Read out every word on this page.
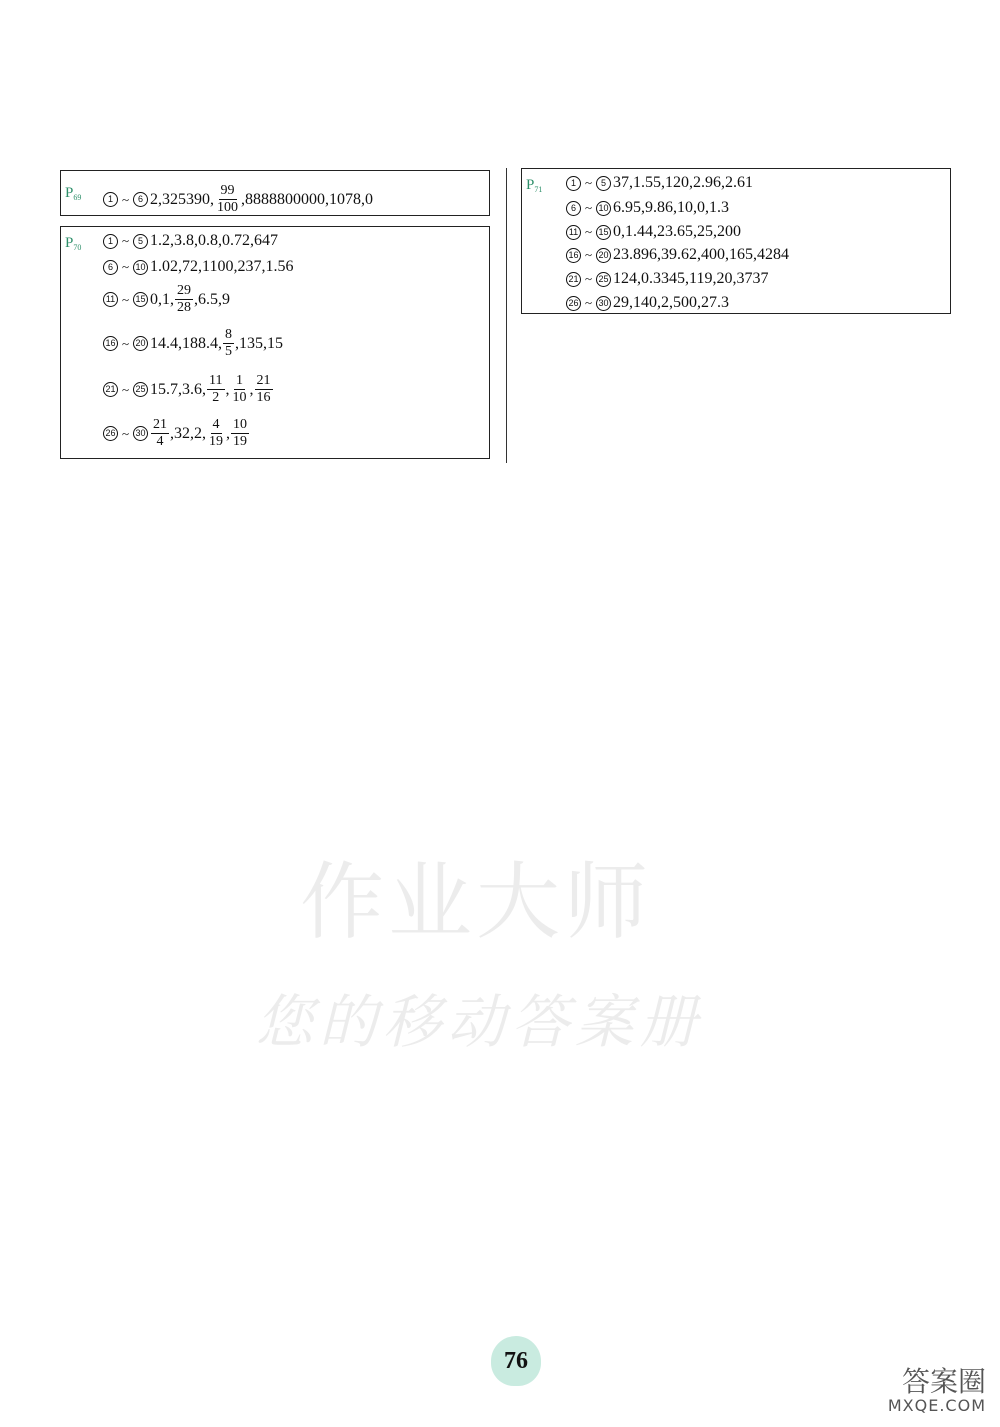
作业大师
您的移动答案册
$P_{69}$	1 ~ 6 2,325390, $\frac{99}{100} ,8888800000,1078,0$
$P_{70}$
1 ~ 5 1.2,3.8,0.8,0.72,647
6 ~ 10 1.02,72,1100,237,1.56
11 ~ 15 0,1, $\frac{29}{28} ,6.5,9$
16 ~ 20 14.4,188.4, $\frac{8}{5} ,135,15$
21 ~ 25 15.7,3.6, $\frac{11}{2}$ , $\frac{1}{10}$ , $\frac{21}{16}$
26 ~ $30 \frac{21}{4} ,32,2$, $\frac{4}{19}$ , $\frac{10}{19}$
$P_{71}$
1 ~ 5 37,1.55,120,2.96,2.61
6 ~ 10 6.95,9.86,10,0,1.3
11 ~ 15 0,1.44,23.65,25,200
16 ~ 20 23.896,39.62,400,165,4284
21 ~ 25 124,0.3345,119,20,3737
26 ~ 30 29,140,2,500,27.3
76
答案圈
MXQE.COM
